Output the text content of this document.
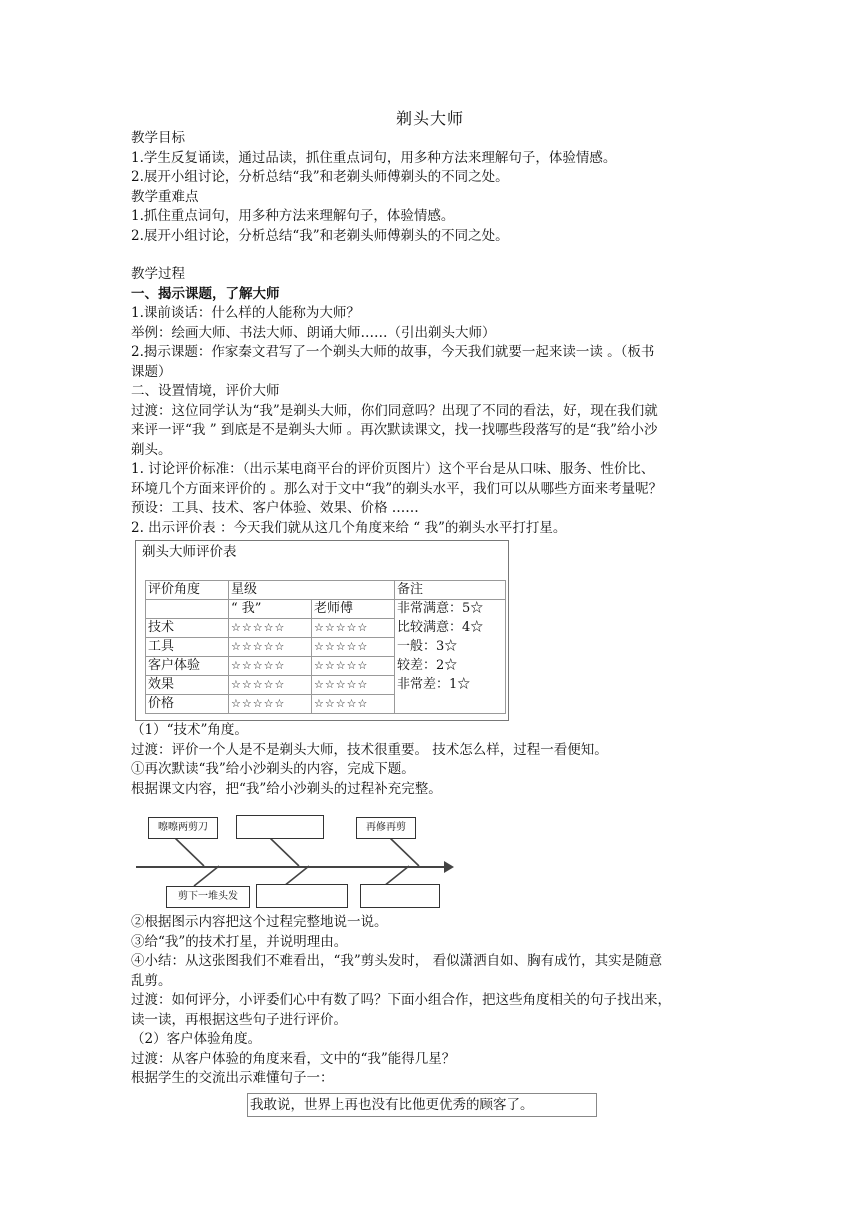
剃头大师

教学目标

1.学生反复诵读，通过品读，抓住重点词句，用多种方法来理解句子，体验情感。

2.展开小组讨论，分析总结“我”和老剃头师傅剃头的不同之处。

教学重难点

1.抓住重点词句，用多种方法来理解句子，体验情感。

2.展开小组讨论，分析总结“我”和老剃头师傅剃头的不同之处。

教学过程

一、揭示课题，了解大师

1.课前谈话：什么样的人能称为大师？

举例：绘画大师、书法大师、朗诵大师……（引出剃头大师）

2.揭示课题：作家秦文君写了一个剃头大师的故事，今天我们就要一起来读一读 。（板书

课题）

二、设置情境，评价大师

过渡：这位同学认为“我”是剃头大师，你们同意吗？出现了不同的看法，好，现在我们就

来评一评“我 ” 到底是不是剃头大师 。再次默读课文，找一找哪些段落写的是“我”给小沙

剃头。

1. 讨论评价标准：（出示某电商平台的评价页图片）这个平台是从口味、服务、性价比、

环境几个方面来评价的 。那么对于文中“我”的剃头水平，我们可以从哪些方面来考量呢？

预设：工具、技术、客户体验、效果、价格 ……

2. 出示评价表 ：今天我们就从这几个角度来给 “ 我”的剃头水平打打星。

剃头大师评价表
评价角度	星级		备注
	“ 我”	老师傅	非常满意：5☆
技术	☆☆☆☆☆	☆☆☆☆☆	比较满意：4☆
工具	☆☆☆☆☆	☆☆☆☆☆	一般：3☆
客户体验	☆☆☆☆☆	☆☆☆☆☆	较差：2☆
效果	☆☆☆☆☆	☆☆☆☆☆	非常差：1☆
价格	☆☆☆☆☆	☆☆☆☆☆	

（1）“技术”角度。

过渡：评价一个人是不是剃头大师，技术很重要。 技术怎么样，过程一看便知。

①再次默读“我”给小沙剃头的内容，完成下题。

根据课文内容，把“我”给小沙剃头的过程补充完整。

嚓嚓两剪刀	再修再剪
剪下一堆头发

②根据图示内容把这个过程完整地说一说。

③给“我”的技术打星，并说明理由。

④小结：从这张图我们不难看出，“我”剪头发时， 看似潇洒自如、胸有成竹，其实是随意

乱剪。

过渡：如何评分，小评委们心中有数了吗？下面小组合作，把这些角度相关的句子找出来，

读一读，再根据这些句子进行评价。

（2）客户体验角度。

过渡：从客户体验的角度来看，文中的“我”能得几星？

根据学生的交流出示难懂句子一：

我敢说，世界上再也没有比他更优秀的顾客了。
